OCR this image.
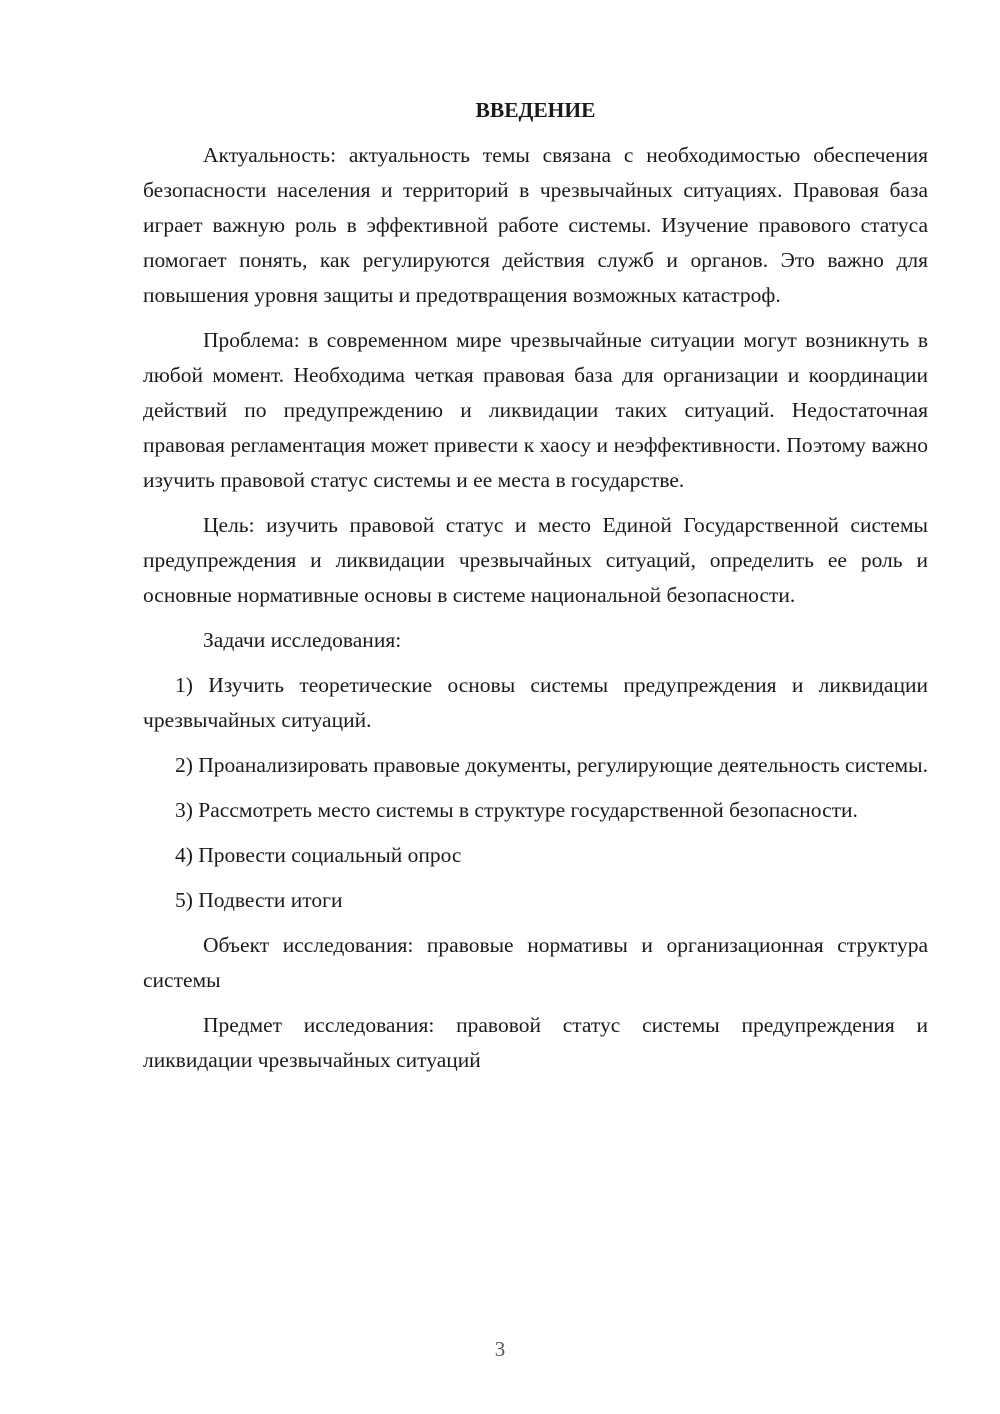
ВВЕДЕНИЕ

Актуальность: актуальность темы связана с необходимостью обеспечения безопасности населения и территорий в чрезвычайных ситуациях. Правовая база играет важную роль в эффективной работе системы. Изучение правового статуса помогает понять, как регулируются действия служб и органов. Это важно для повышения уровня защиты и предотвращения возможных катастроф.

Проблема: в современном мире чрезвычайные ситуации могут возникнуть в любой момент. Необходима четкая правовая база для организации и координации действий по предупреждению и ликвидации таких ситуаций. Недостаточная правовая регламентация может привести к хаосу и неэффективности. Поэтому важно изучить правовой статус системы и ее места в государстве.

Цель: изучить правовой статус и место Единой Государственной системы предупреждения и ликвидации чрезвычайных ситуаций, определить ее роль и основные нормативные основы в системе национальной безопасности.

Задачи исследования:

1) Изучить теоретические основы системы предупреждения и ликвидации чрезвычайных ситуаций.

2) Проанализировать правовые документы, регулирующие деятельность системы.

3) Рассмотреть место системы в структуре государственной безопасности.

4) Провести социальный опрос

5) Подвести итоги

Объект исследования: правовые нормативы и организационная структура системы

Предмет исследования: правовой статус системы предупреждения и ликвидации чрезвычайных ситуаций

3
